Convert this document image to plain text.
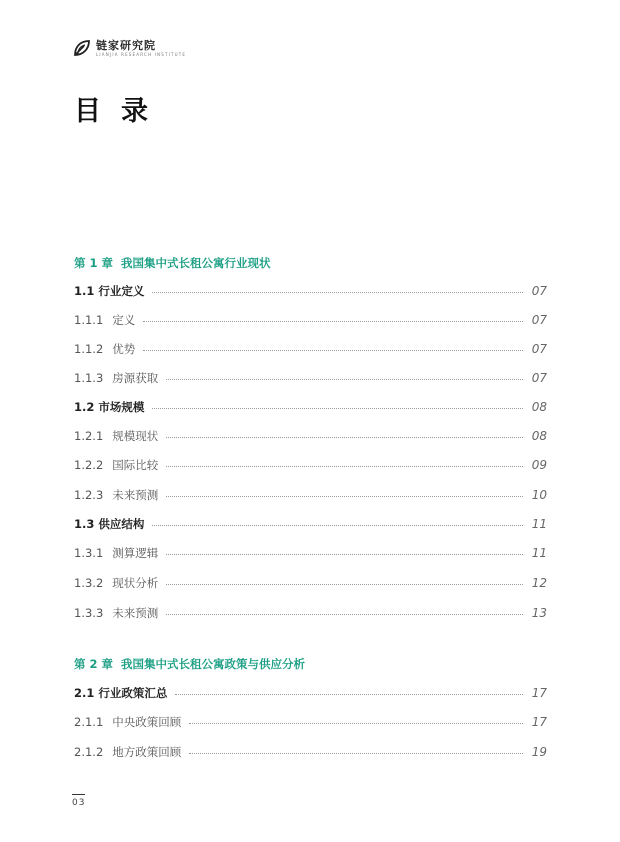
链家研究院
LIANJIA RESEARCH INSTITUTE
目录
第 1 章 我国集中式长租公寓行业现状
1.1 行业定义	07
1.1.1 定义	07
1.1.2 优势	07
1.1.3 房源获取	07
1.2 市场规模	08
1.2.1 规模现状	08
1.2.2 国际比较	09
1.2.3 未来预测	10
1.3 供应结构	11
1.3.1 测算逻辑	11
1.3.2 现状分析	12
1.3.3 未来预测	13
第 2 章 我国集中式长租公寓政策与供应分析
2.1 行业政策汇总	17
2.1.1 中央政策回顾	17
2.1.2 地方政策回顾	19
03
